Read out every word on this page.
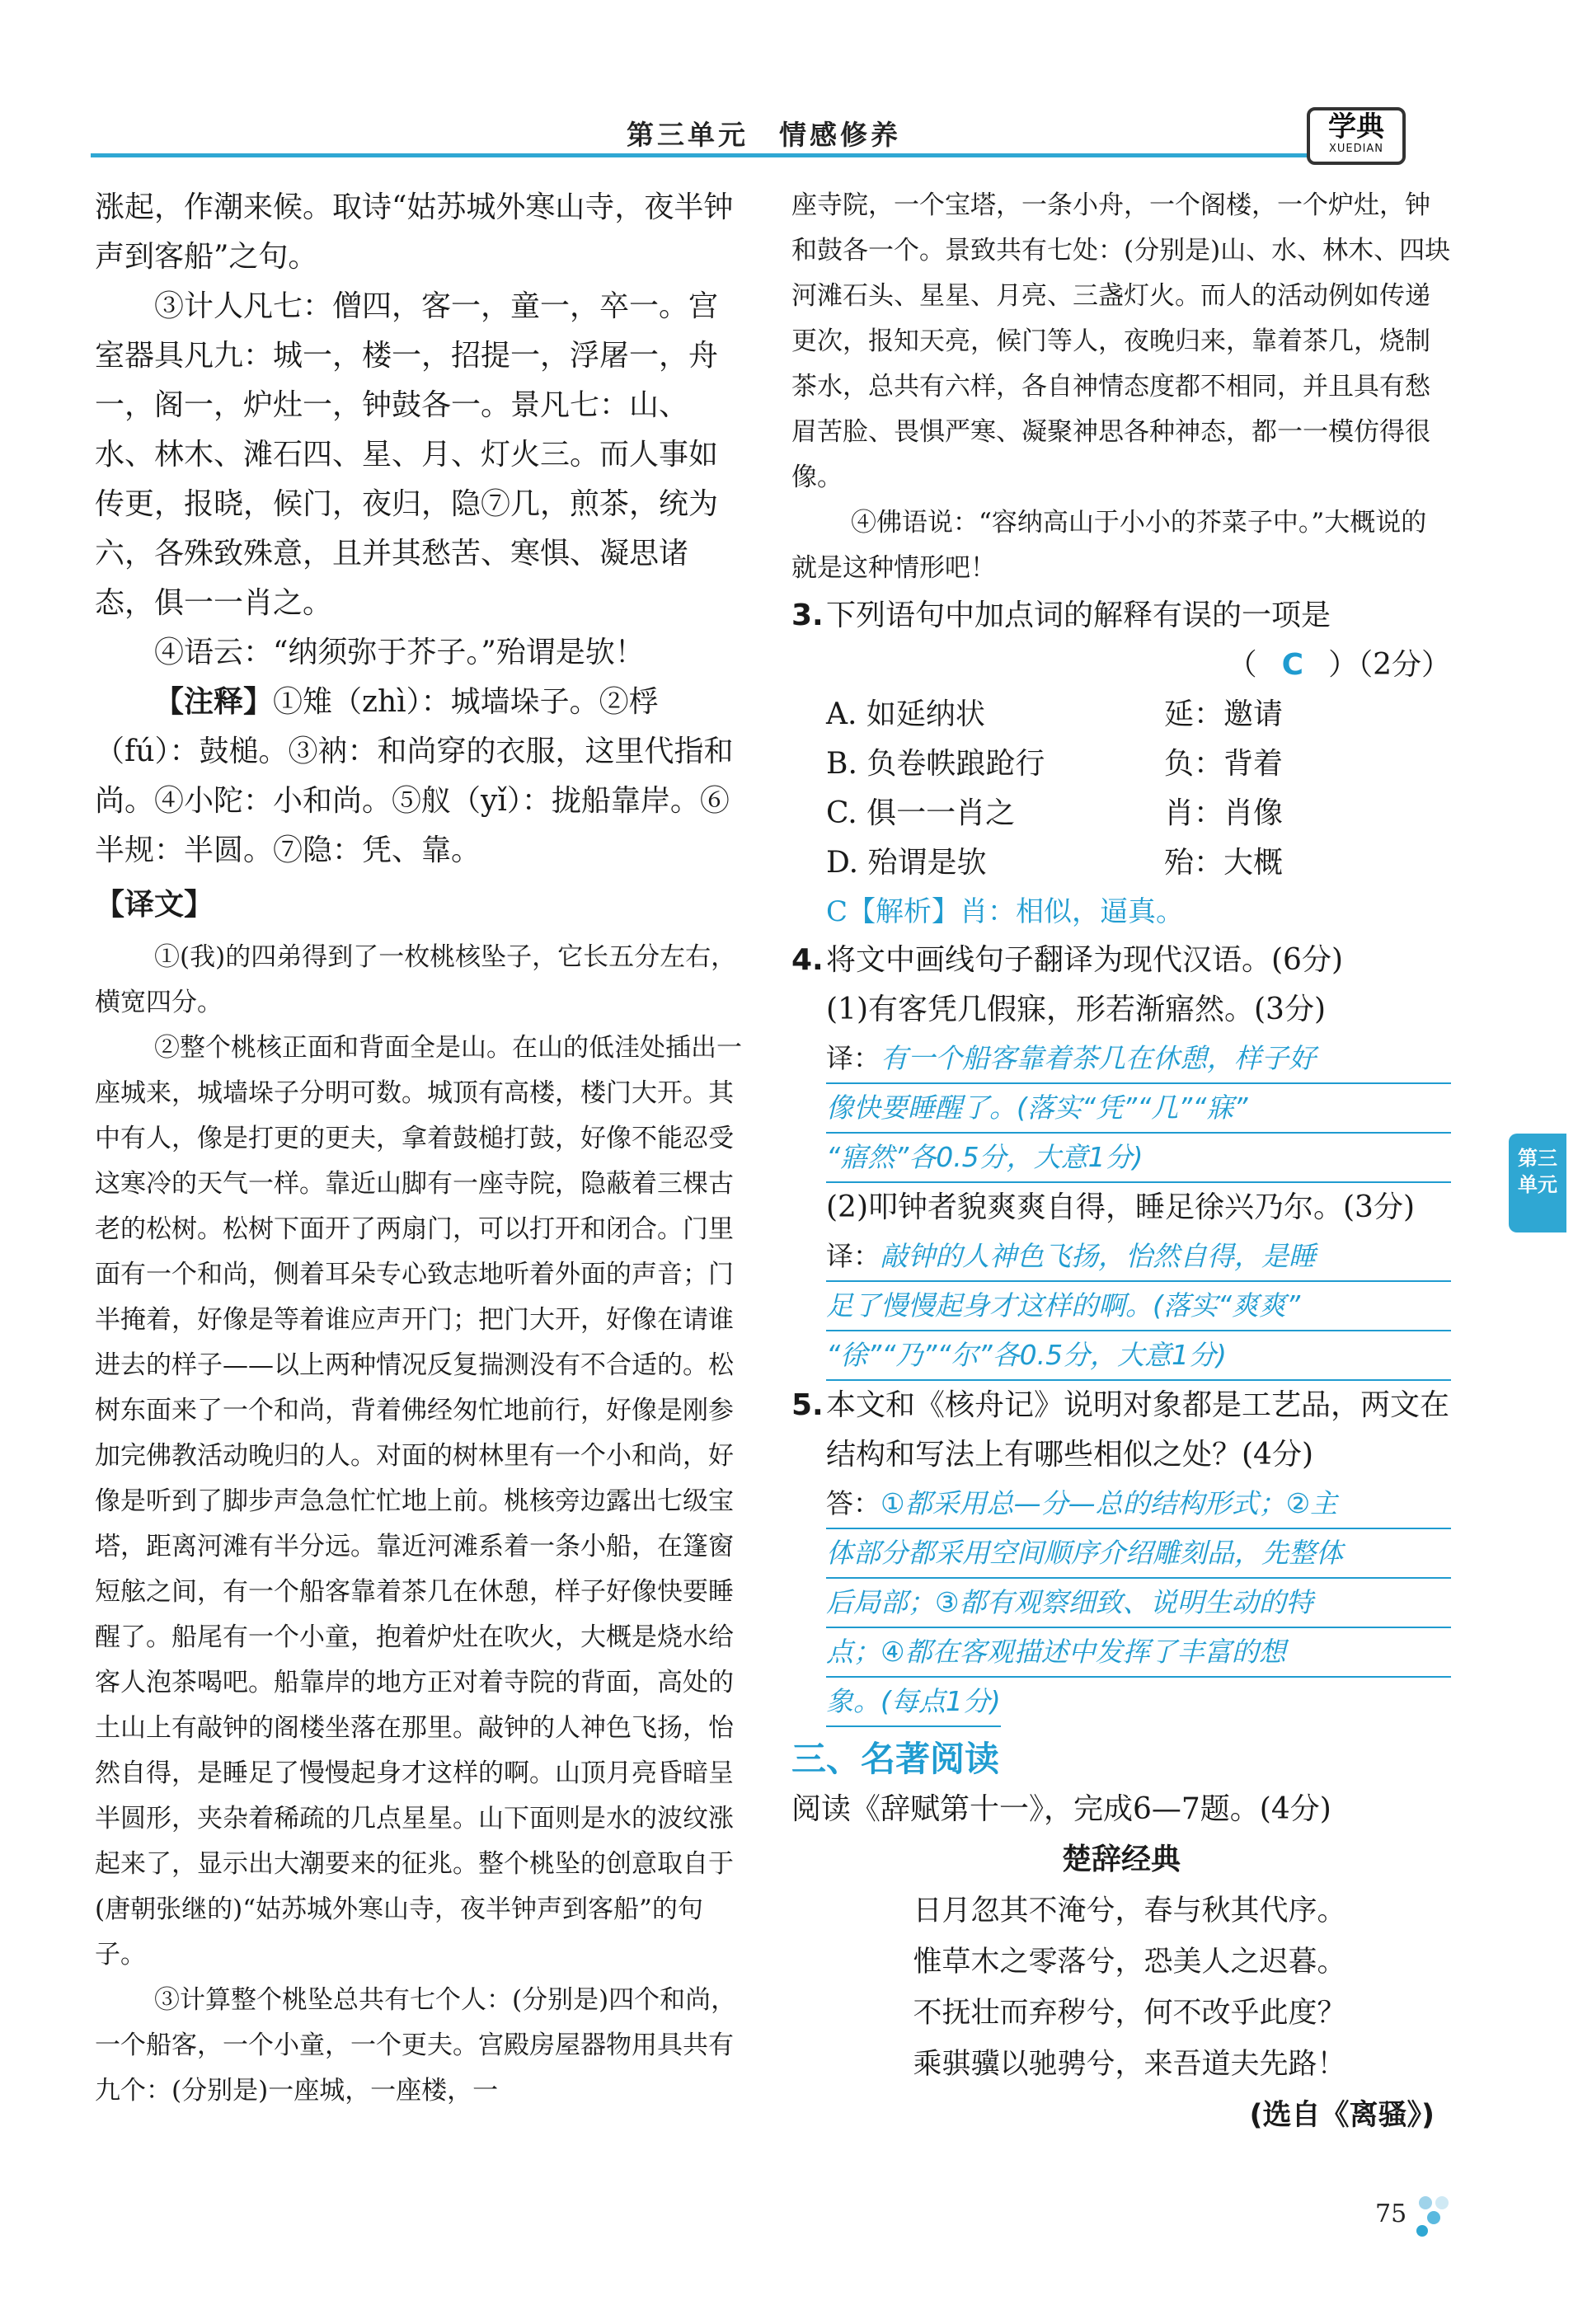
第三单元　情感修养	学典
XUEDIAN

涨起，作潮来候。取诗“姑苏城外寒山寺，夜半钟声到客船”之句。

③计人凡七：僧四，客一，童一，卒一。宫室器具凡九：城一，楼一，招提一，浮屠一，舟一，阁一，炉灶一，钟鼓各一。景凡七：山、水、林木、滩石四、星、月、灯火三。而人事如传更，报晓，候门，夜归，隐⑦几，煎茶，统为六，各殊致殊意，且并其愁苦、寒惧、凝思诸态，俱一一肖之。

④语云：“纳须弥于芥子。”殆谓是欤！

【注释】①雉（zhì）：城墙垛子。②桴（fú）：鼓槌。③衲：和尚穿的衣服，这里代指和尚。④小陀：小和尚。⑤舣（yǐ）：拢船靠岸。⑥半规：半圆。⑦隐：凭、靠。

【译文】

①(我)的四弟得到了一枚桃核坠子，它长五分左右，横宽四分。

②整个桃核正面和背面全是山。在山的低洼处插出一座城来，城墙垛子分明可数。城顶有高楼，楼门大开。其中有人，像是打更的更夫，拿着鼓槌打鼓，好像不能忍受这寒冷的天气一样。靠近山脚有一座寺院，隐蔽着三棵古老的松树。松树下面开了两扇门，可以打开和闭合。门里面有一个和尚，侧着耳朵专心致志地听着外面的声音；门半掩着，好像是等着谁应声开门；把门大开，好像在请谁进去的样子——以上两种情况反复揣测没有不合适的。松树东面来了一个和尚，背着佛经匆忙地前行，好像是刚参加完佛教活动晚归的人。对面的树林里有一个小和尚，好像是听到了脚步声急急忙忙地上前。桃核旁边露出七级宝塔，距离河滩有半分远。靠近河滩系着一条小船，在篷窗短舷之间，有一个船客靠着茶几在休憩，样子好像快要睡醒了。船尾有一个小童，抱着炉灶在吹火，大概是烧水给客人泡茶喝吧。船靠岸的地方正对着寺院的背面，高处的土山上有敲钟的阁楼坐落在那里。敲钟的人神色飞扬，怡然自得，是睡足了慢慢起身才这样的啊。山顶月亮昏暗呈半圆形，夹杂着稀疏的几点星星。山下面则是水的波纹涨起来了，显示出大潮要来的征兆。整个桃坠的创意取自于(唐朝张继的)“姑苏城外寒山寺，夜半钟声到客船”的句子。

③计算整个桃坠总共有七个人：(分别是)四个和尚，一个船客，一个小童，一个更夫。宫殿房屋器物用具共有九个：(分别是)一座城，一座楼，一

座寺院，一个宝塔，一条小舟，一个阁楼，一个炉灶，钟和鼓各一个。景致共有七处：(分别是)山、水、林木、四块河滩石头、星星、月亮、三盏灯火。而人的活动例如传递更次，报知天亮，候门等人，夜晚归来，靠着茶几，烧制茶水，总共有六样，各自神情态度都不相同，并且具有愁眉苦脸、畏惧严寒、凝聚神思各种神态，都一一模仿得很像。

④佛语说：“容纳高山于小小的芥菜子中。”大概说的就是这种情形吧！

3. 下列语句中加点词的解释有误的一项是

（ C ）（2分）

A. 如延纳状	延：邀请
B. 负卷帙踉跄行	负：背着
C. 俱一一肖之	肖：肖像
D. 殆谓是欤	殆：大概

C【解析】肖：相似，逼真。

4. 将文中画线句子翻译为现代汉语。(6分)

(1)有客凭几假寐，形若渐寤然。(3分)

译：有一个船客靠着茶几在休憩，样子好
像快要睡醒了。(落实“凭”“几”“寐”
“寤然”各0.5分，大意1分)

(2)叩钟者貌爽爽自得，睡足徐兴乃尔。(3分)

译：敲钟的人神色飞扬，怡然自得，是睡
足了慢慢起身才这样的啊。(落实“爽爽”
“徐”“乃”“尔”各0.5分，大意1分)
5. 本文和《核舟记》说明对象都是工艺品，两文在结构和写法上有哪些相似之处？(4分)
答：①都采用总—分—总的结构形式；②主
体部分都采用空间顺序介绍雕刻品，先整体
后局部；③都有观察细致、说明生动的特
点；④都在客观描述中发挥了丰富的想
象。(每点1分)
三、名著阅读

阅读《辞赋第十一》，完成6—7题。(4分)

楚辞经典

日月忽其不淹兮，春与秋其代序。

惟草木之零落兮，恐美人之迟暮。

不抚壮而弃秽兮，何不改乎此度？

乘骐骥以驰骋兮，来吾道夫先路！

(选自《离骚》)

第三单元
75
